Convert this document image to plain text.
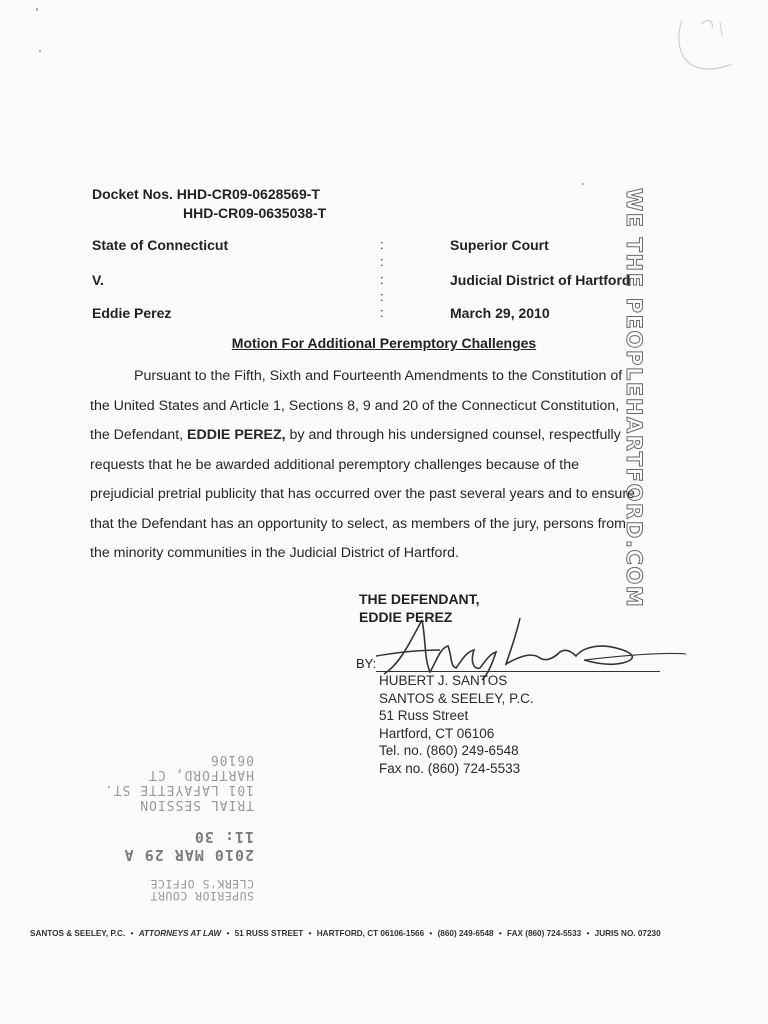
Docket Nos. HHD-CR09-0628569-T
HHD-CR09-0635038-T
State of Connecticut
V.
Eddie Perez
:
:
:
:
:
Superior Court
Judicial District of Hartford
March 29, 2010
Motion For Additional Peremptory Challenges
Pursuant to the Fifth, Sixth and Fourteenth Amendments to the Constitution of
the United States and Article 1, Sections 8, 9 and 20 of the Connecticut Constitution,
the Defendant, EDDIE PEREZ, by and through his undersigned counsel, respectfully
requests that he be awarded additional peremptory challenges because of the
prejudicial pretrial publicity that has occurred over the past several years and to ensure
that the Defendant has an opportunity to select, as members of the jury, persons from
the minority communities in the Judicial District of Hartford.
THE DEFENDANT,
EDDIE PEREZ
BY:
HUBERT J. SANTOS
SANTOS & SEELEY, P.C.
51 Russ Street
Hartford, CT 06106
Tel. no. (860) 249-6548
Fax no. (860) 724-5533
WE THE PEOPLEHARTFORD.COM
SUPERIOR COURT
CLERK'S OFFICE
2010 MAR 29 A 11: 30
TRIAL SESSION
101 LAFAYETTE ST.
HARTFORD, CT 06106
SANTOS & SEELEY, P.C. • ATTORNEYS AT LAW • 51 RUSS STREET • HARTFORD, CT 06106-1566 • (860) 249-6548 • FAX (860) 724-5533 • JURIS NO. 07230
